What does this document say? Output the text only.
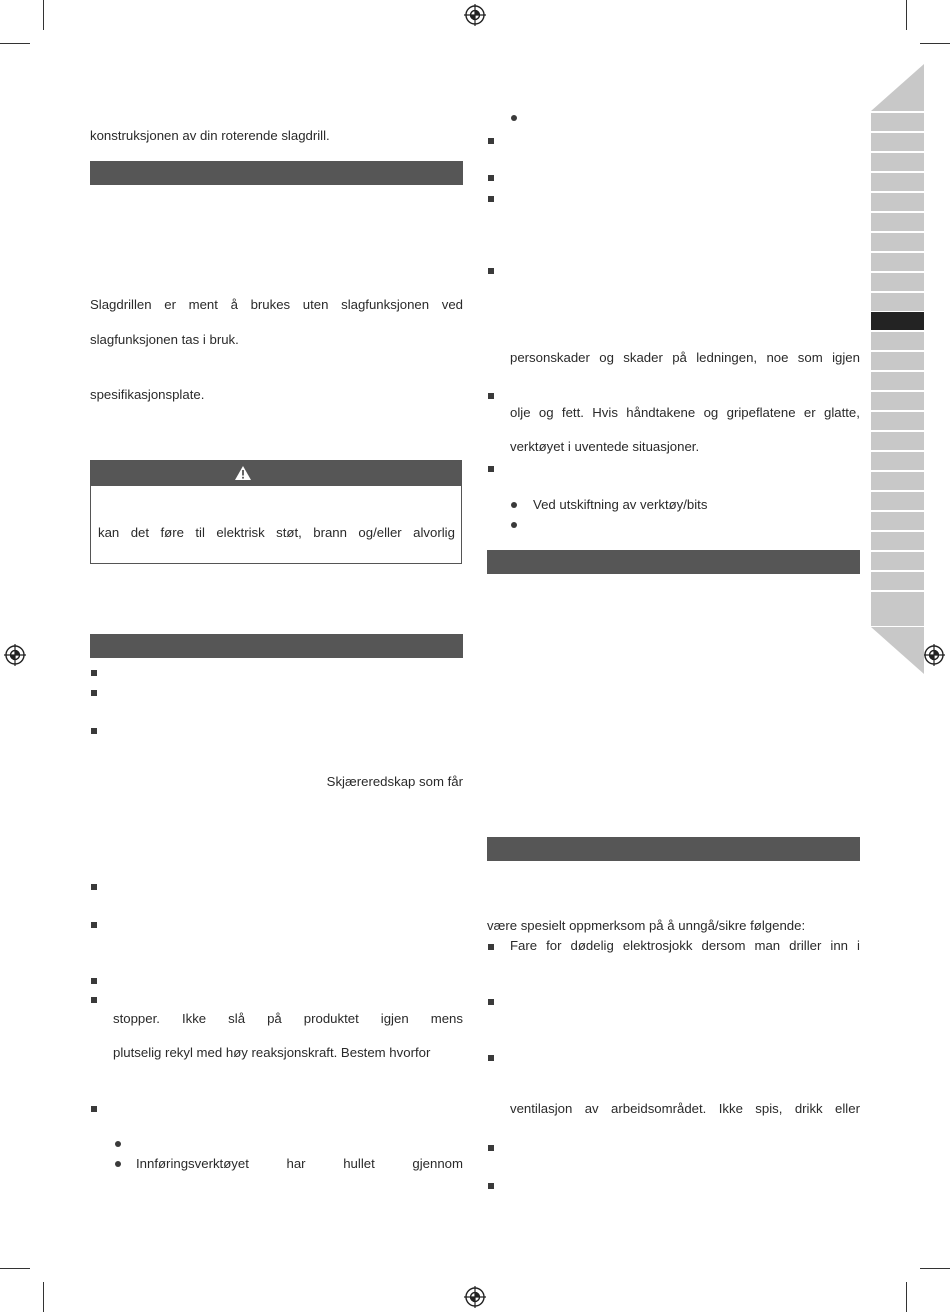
konstruksjonen av din roterende slagdrill.
Slagdrillen er ment å brukes uten slagfunksjonen ved
slagfunksjonen tas i bruk.
spesifikasjonsplate.
kan det føre til elektrisk støt, brann og/eller alvorlig
Skjæreredskap som får
stopper. Ikke slå på produktet igjen mens
plutselig rekyl med høy reaksjonskraft. Bestem hvorfor
Innføringsverktøyet	har	hullet	gjennom
personskader og skader på ledningen, noe som igjen
olje og fett. Hvis håndtakene og gripeflatene er glatte,
verktøyet i uventede situasjoner.
Ved utskiftning av verktøy/bits
være spesielt oppmerksom på å unngå/sikre følgende:
Fare for dødelig elektrosjokk dersom man driller inn i
ventilasjon av arbeidsområdet. Ikke spis, drikk eller
